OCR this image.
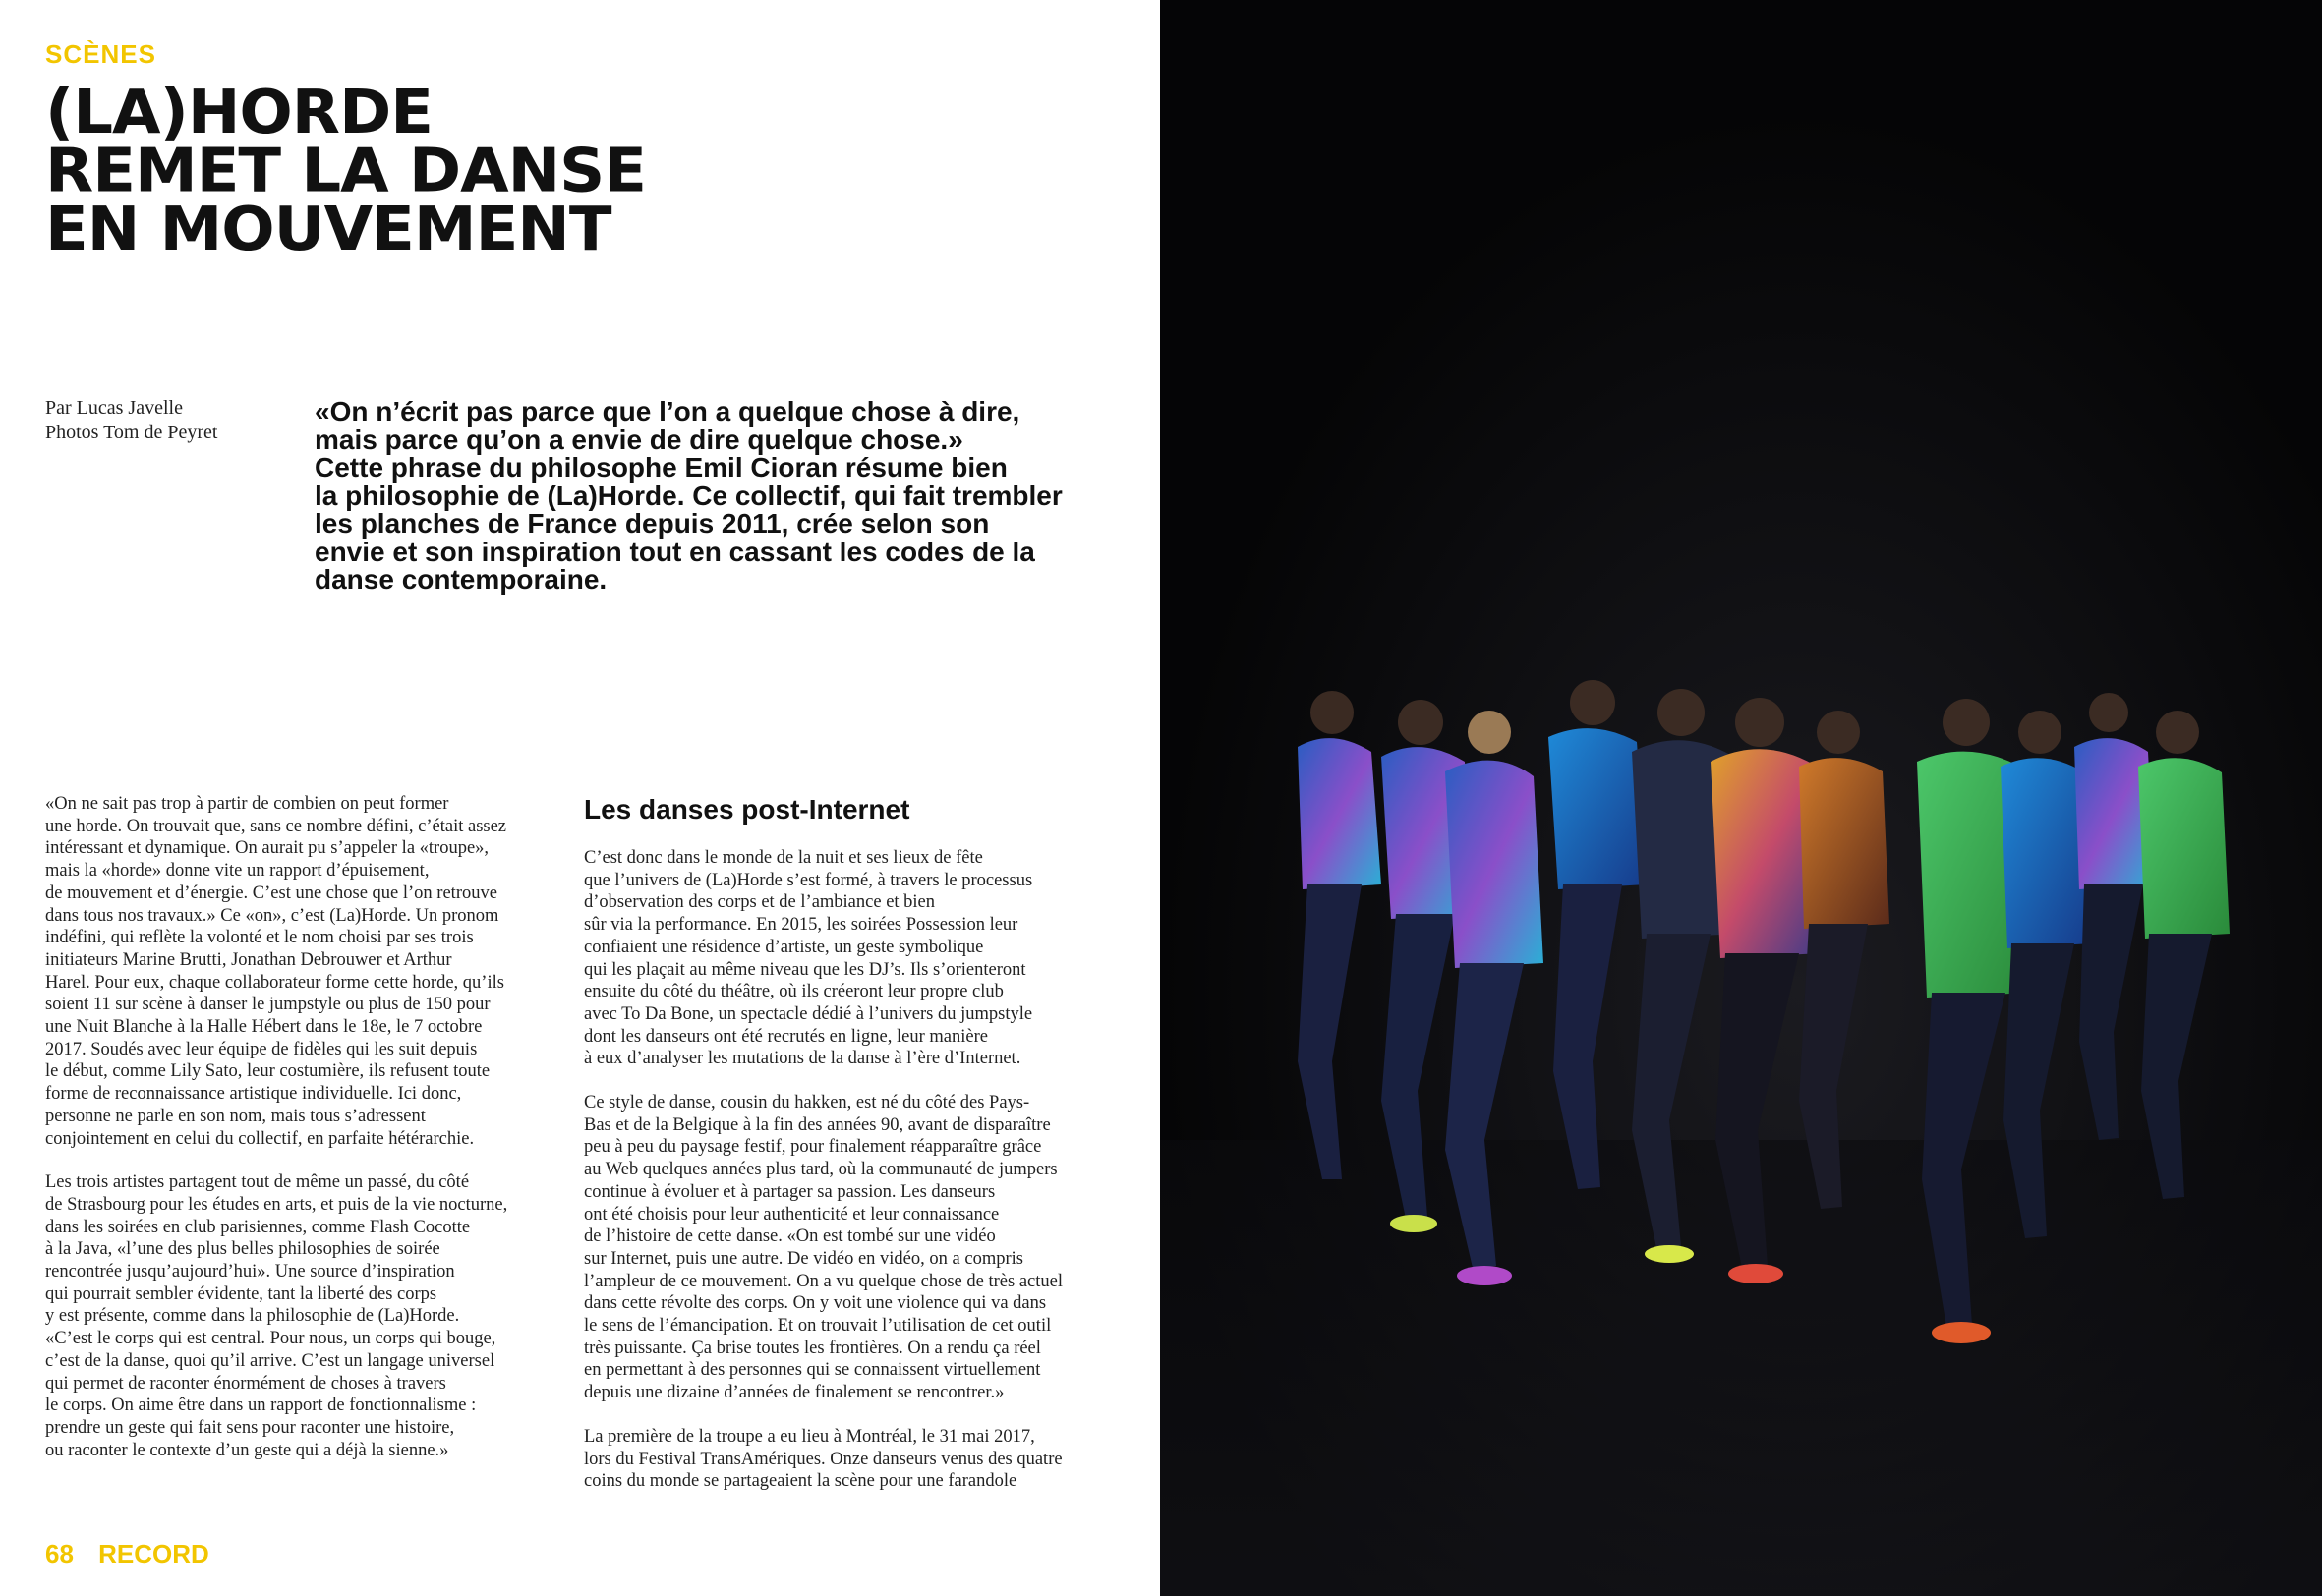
SCÈNES
(LA)HORDE
REMET LA DANSE
EN MOUVEMENT
Par Lucas Javelle
Photos Tom de Peyret
«On n’écrit pas parce que l’on a quelque chose à dire,
mais parce qu’on a envie de dire quelque chose.»
Cette phrase du philosophe Emil Cioran résume bien
la philosophie de (La)Horde. Ce collectif, qui fait trembler
les planches de France depuis 2011, crée selon son
envie et son inspiration tout en cassant les codes de la
danse contemporaine.
«On ne sait pas trop à partir de combien on peut former
une horde. On trouvait que, sans ce nombre défini, c’était assez
intéressant et dynamique. On aurait pu s’appeler la «troupe»,
mais la «horde» donne vite un rapport d’épuisement,
de mouvement et d’énergie. C’est une chose que l’on retrouve
dans tous nos travaux.» Ce «on», c’est (La)Horde. Un pronom
indéfini, qui reflète la volonté et le nom choisi par ses trois
initiateurs Marine Brutti, Jonathan Debrouwer et Arthur
Harel. Pour eux, chaque collaborateur forme cette horde, qu’ils
soient 11 sur scène à danser le jumpstyle ou plus de 150 pour
une Nuit Blanche à la Halle Hébert dans le 18e, le 7 octobre
2017. Soudés avec leur équipe de fidèles qui les suit depuis
le début, comme Lily Sato, leur costumière, ils refusent toute
forme de reconnaissance artistique individuelle. Ici donc,
personne ne parle en son nom, mais tous s’adressent
conjointement en celui du collectif, en parfaite hétérarchie.
Les trois artistes partagent tout de même un passé, du côté
de Strasbourg pour les études en arts, et puis de la vie nocturne,
dans les soirées en club parisiennes, comme Flash Cocotte
à la Java, «l’une des plus belles philosophies de soirée
rencontrée jusqu’aujourd’hui». Une source d’inspiration
qui pourrait sembler évidente, tant la liberté des corps
y est présente, comme dans la philosophie de (La)Horde.
«C’est le corps qui est central. Pour nous, un corps qui bouge,
c’est de la danse, quoi qu’il arrive. C’est un langage universel
qui permet de raconter énormément de choses à travers
le corps. On aime être dans un rapport de fonctionnalisme :
prendre un geste qui fait sens pour raconter une histoire,
ou raconter le contexte d’un geste qui a déjà la sienne.»
Les danses post-Internet
C’est donc dans le monde de la nuit et ses lieux de fête
que l’univers de (La)Horde s’est formé, à travers le processus
d’observation des corps et de l’ambiance et bien
sûr via la performance. En 2015, les soirées Possession leur
confiaient une résidence d’artiste, un geste symbolique
qui les plaçait au même niveau que les DJ’s. Ils s’orienteront
ensuite du côté du théâtre, où ils créeront leur propre club
avec To Da Bone, un spectacle dédié à l’univers du jumpstyle
dont les danseurs ont été recrutés en ligne, leur manière
à eux d’analyser les mutations de la danse à l’ère d’Internet.
Ce style de danse, cousin du hakken, est né du côté des Pays-
Bas et de la Belgique à la fin des années 90, avant de disparaître
peu à peu du paysage festif, pour finalement réapparaître grâce
au Web quelques années plus tard, où la communauté de jumpers
continue à évoluer et à partager sa passion. Les danseurs
ont été choisis pour leur authenticité et leur connaissance
de l’histoire de cette danse. «On est tombé sur une vidéo
sur Internet, puis une autre. De vidéo en vidéo, on a compris
l’ampleur de ce mouvement. On a vu quelque chose de très actuel
dans cette révolte des corps. On y voit une violence qui va dans
le sens de l’émancipation. Et on trouvait l’utilisation de cet outil
très puissante. Ça brise toutes les frontières. On a rendu ça réel
en permettant à des personnes qui se connaissent virtuellement
depuis une dizaine d’années de finalement se rencontrer.»
La première de la troupe a eu lieu à Montréal, le 31 mai 2017,
lors du Festival TransAmériques. Onze danseurs venus des quatre
coins du monde se partageaient la scène pour une farandole
68 RECORD
